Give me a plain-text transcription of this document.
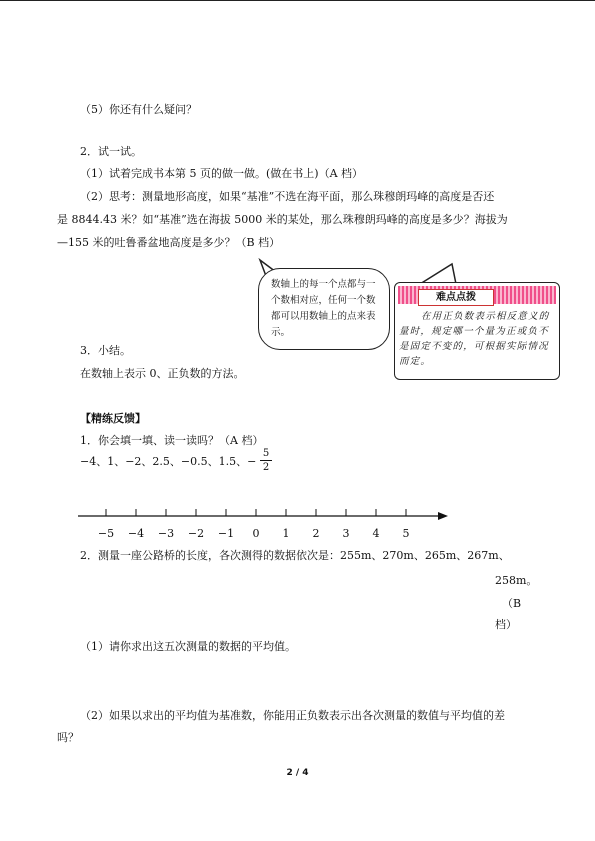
（5）你还有什么疑问？
2．试一试。
（1）试着完成书本第 5 页的做一做。(做在书上)（A 档）
（2）思考：测量地形高度，如果“基准”不选在海平面，那么珠穆朗玛峰的高度是否还
是 8844.43 米？如“基准”选在海拔 5000 米的某处，那么珠穆朗玛峰的高度是多少？海拔为
—155 米的吐鲁番盆地高度是多少？（B 档）
数轴上的每一个点都与一个数相对应，任何一个数都可以用数轴上的点来表示。
难点点拨
在用正负数表示相反意义的量时，规定哪一个量为正或负不是固定不变的，可根据实际情况而定。
3．小结。
在数轴上表示 0、正负数的方法。
【精练反馈】
1．你会填一填、读一读吗？（A 档）
−4、1、−2、2.5、−0.5、1.5、−
5
2
−5	−4	−3	−2	−1	0	1	2	3	4	5
2．测量一座公路桥的长度，各次测得的数据依次是：255m、270m、265m、267m、
258m。
（B
档）
（1）请你求出这五次测量的数据的平均值。
（2）如果以求出的平均值为基准数，你能用正负数表示出各次测量的数值与平均值的差
吗？
2 / 4
